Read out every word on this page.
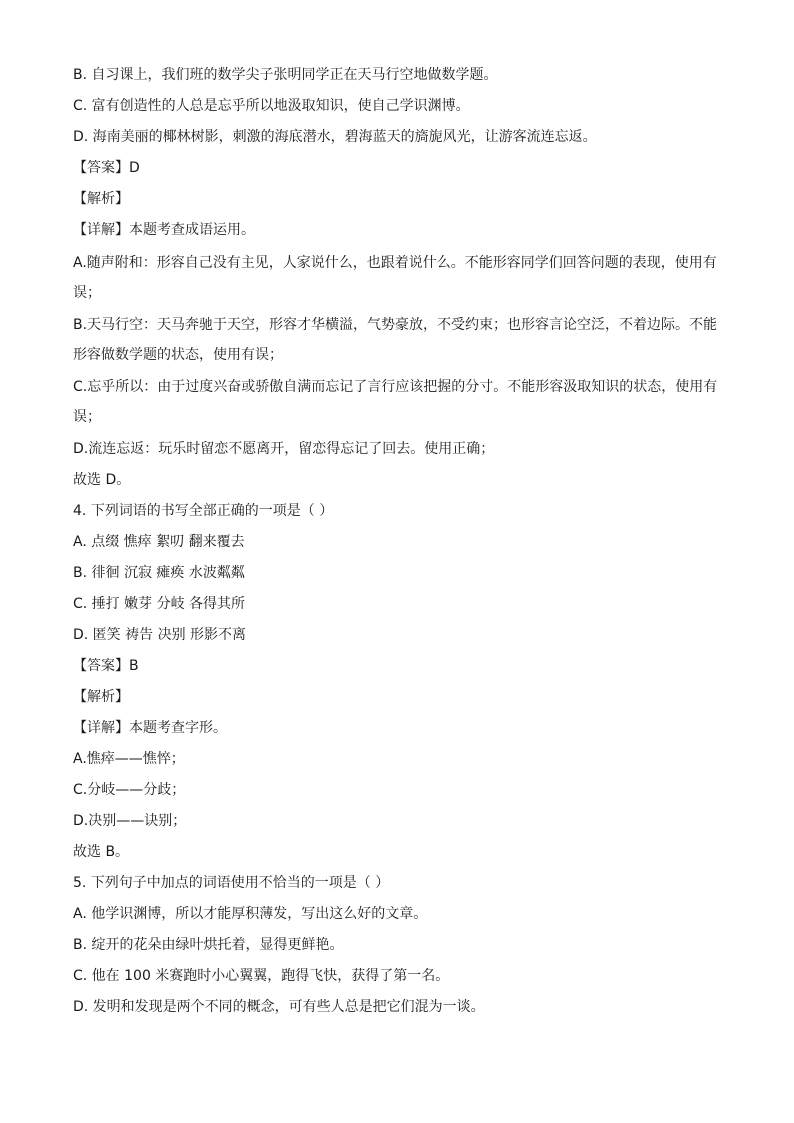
B. 自习课上，我们班的数学尖子张明同学正在天马行空地做数学题。
C. 富有创造性的人总是忘乎所以地汲取知识，使自己学识渊博。
D. 海南美丽的椰林树影，刺激的海底潜水，碧海蓝天的旖旎风光，让游客流连忘返。
【答案】D
【解析】
【详解】本题考查成语运用。
A.随声附和：形容自己没有主见，人家说什么，也跟着说什么。不能形容同学们回答问题的表现，使用有
误；
B.天马行空：天马奔驰于天空，形容才华横溢，气势豪放，不受约束；也形容言论空泛，不着边际。不能
形容做数学题的状态，使用有误；
C.忘乎所以：由于过度兴奋或骄傲自满而忘记了言行应该把握的分寸。不能形容汲取知识的状态，使用有
误；
D.流连忘返：玩乐时留恋不愿离开，留恋得忘记了回去。使用正确；
故选 D。
4. 下列词语的书写全部正确的一项是（ ）
A. 点缀 憔瘁 絮叨 翻来覆去
B. 徘徊 沉寂 瘫痪 水波粼粼
C. 捶打 嫩芽 分岐 各得其所
D. 匿笑 祷告 决别 形影不离
【答案】B
【解析】
【详解】本题考查字形。
A.憔瘁——憔悴；
C.分岐——分歧；
D.决别——诀别；
故选 B。
5. 下列句子中加点的词语使用不恰当的一项是（ ）
A. 他学识渊博，所以才能厚积薄发，写出这么好的文章。
B. 绽开的花朵由绿叶烘托着，显得更鲜艳。
C. 他在 100 米赛跑时小心翼翼，跑得飞快，获得了第一名。
D. 发明和发现是两个不同的概念，可有些人总是把它们混为一谈。
